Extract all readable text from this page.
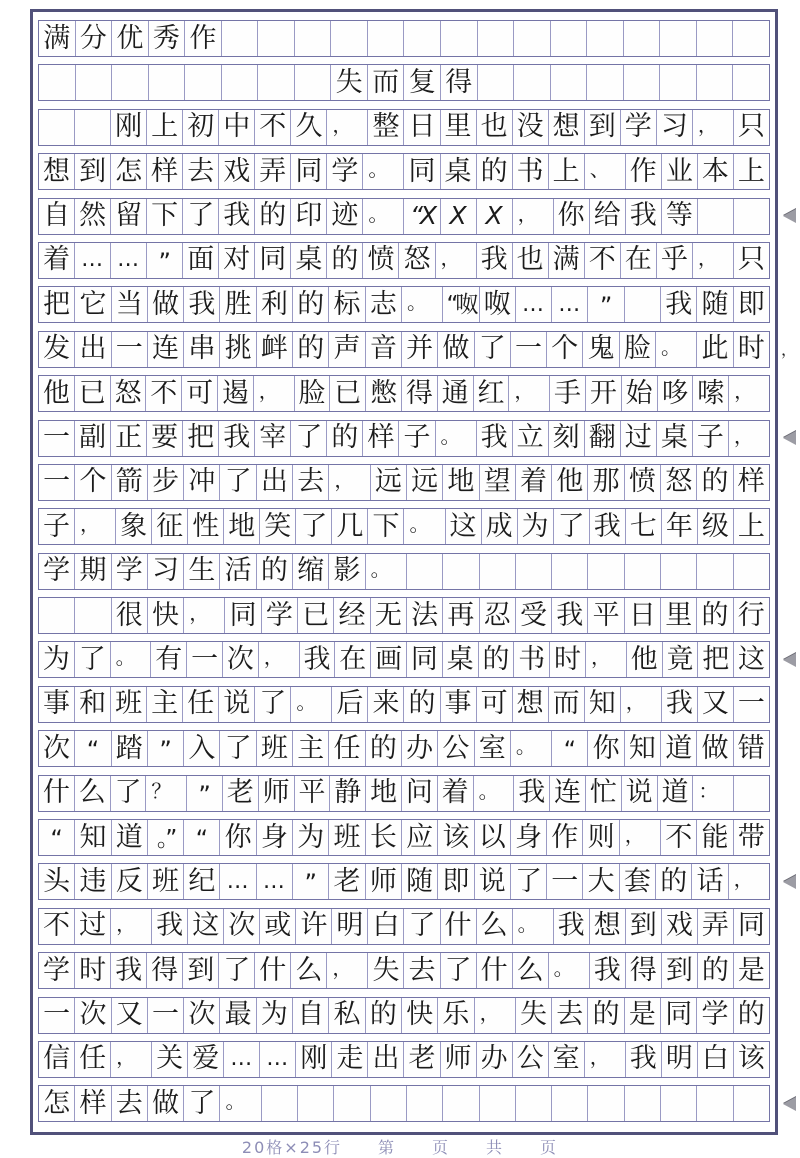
满 分 优 秀 作
失 而 复 得
刚 上 初 中 不 久 ， 整 日 里 也 没 想 到 学 习 ， 只
想 到 怎 样 去 戏 弄 同 学 。 同 桌 的 书 上 、 作 业 本 上
自 然 留 下 了 我 的 印 迹 。 “X X X ， 你 给 我 等
着 … … ” 面 对 同 桌 的 愤 怒 ， 我 也 满 不 在 乎 ， 只
把 它 当 做 我 胜 利 的 标 志 。 “呶 呶 … … ”	我 随 即
发 出 一 连 串 挑 衅 的 声 音 并 做 了 一 个 鬼 脸 。 此 时
他 已 怒 不 可 遏 ， 脸 已 憋 得 通 红 ， 手 开 始 哆 嗦 ，
一 副 正 要 把 我 宰 了 的 样 子 。 我 立 刻 翻 过 桌 子 ，
一 个 箭 步 冲 了 出 去 ， 远 远 地 望 着 他 那 愤 怒 的 样
子 ， 象 征 性 地 笑 了 几 下 。 这 成 为 了 我 七 年 级 上
学 期 学 习 生 活 的 缩 影 。
很 快 ， 同 学 已 经 无 法 再 忍 受 我 平 日 里 的 行
为 了 。 有 一 次 ， 我 在 画 同 桌 的 书 时 ， 他 竟 把 这
事 和 班 主 任 说 了 。 后 来 的 事 可 想 而 知 ， 我 又 一
次 “ 踏 ” 入 了 班 主 任 的 办 公 室 。	“ 你 知 道 做 错
什 么 了 ？	” 老 师 平 静 地 问 着 。 我 连 忙 说 道 ：
“ 知 道 。” “ 你 身 为 班 长 应 该 以 身 作 则 ， 不 能 带
头 违 反 班 纪 … … ” 老 师 随 即 说 了 一 大 套 的 话 ，
不 过 ， 我 这 次 或 许 明 白 了 什 么 。 我 想 到 戏 弄 同
学 时 我 得 到 了 什 么 ， 失 去 了 什 么 。 我 得 到 的 是
一 次 又 一 次 最 为 自 私 的 快 乐 ， 失 去 的 是 同 学 的
信 任 ， 关 爱 … … 刚 走 出 老 师 办 公 室 ， 我 明 白 该
怎 样 去 做 了 。
，
20格×25行　　第　　页　　共　　页
